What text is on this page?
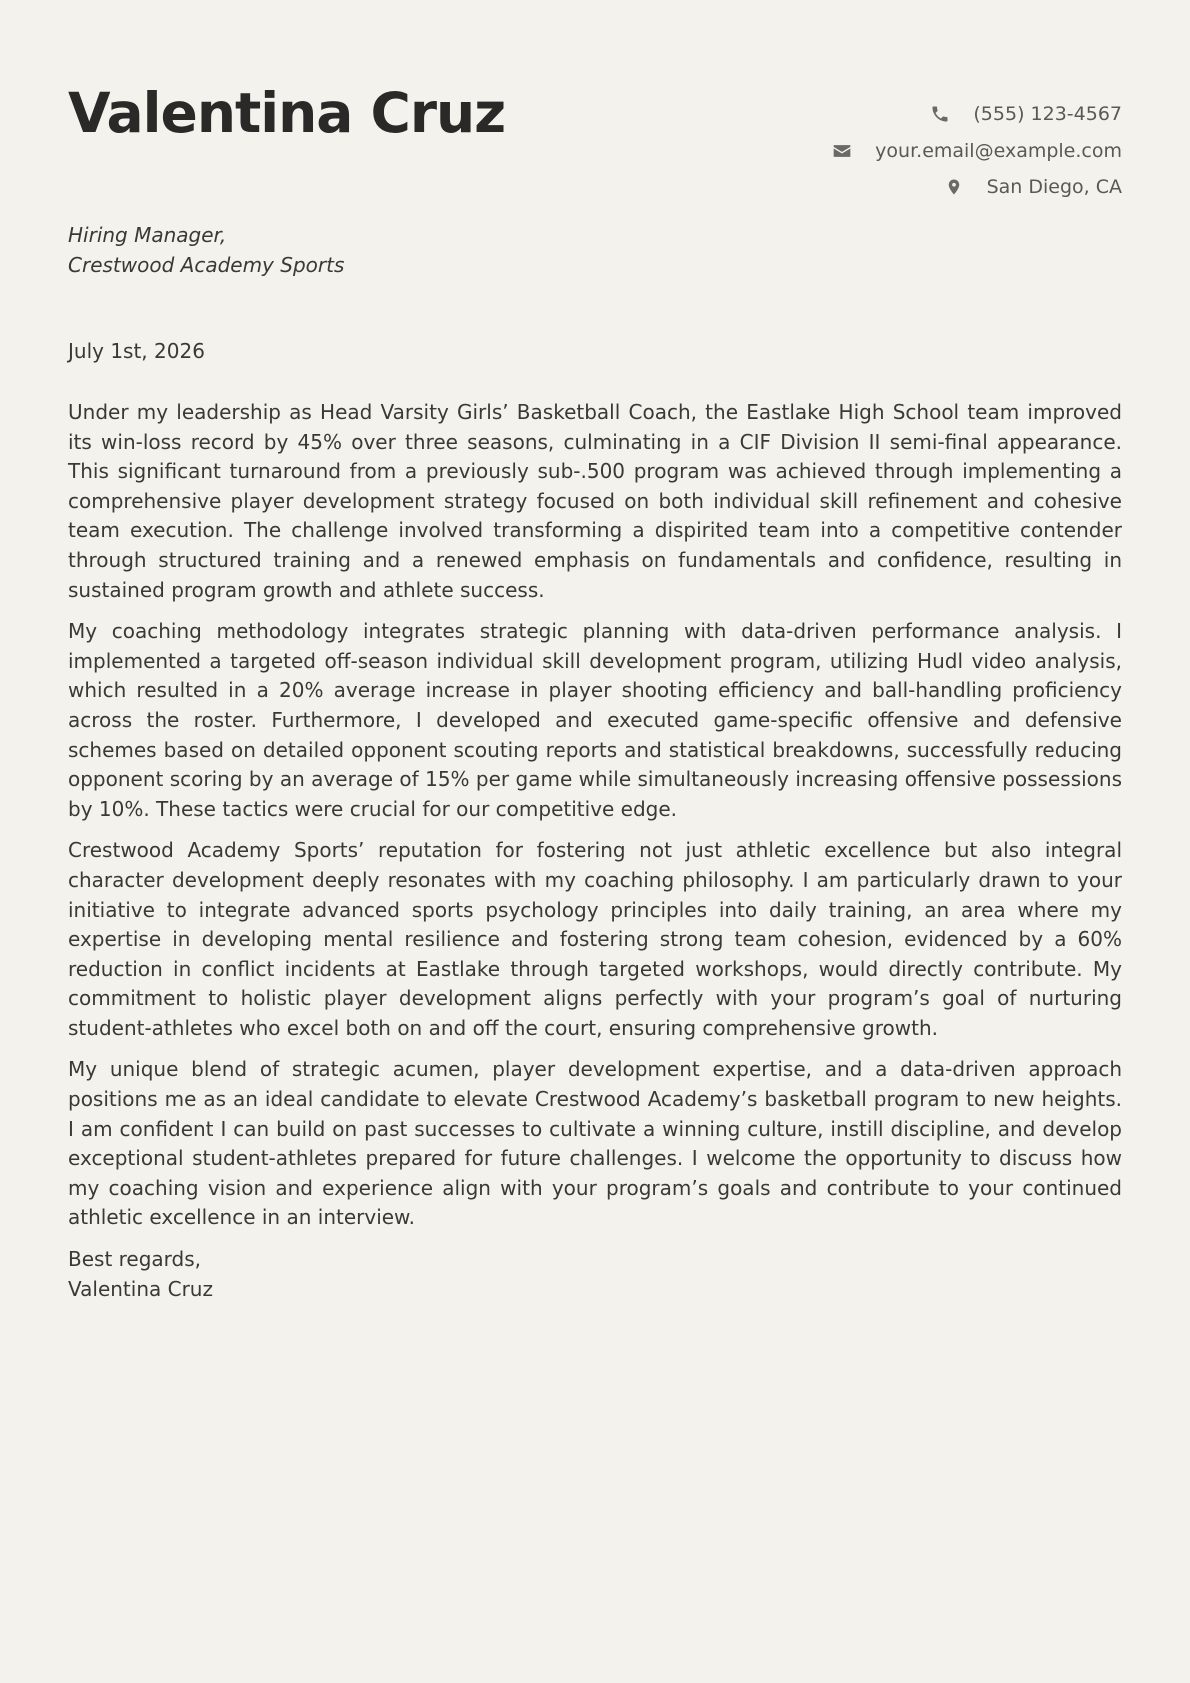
Valentina Cruz	(555) 123-4567
your.email@example.com
San Diego, CA
Hiring Manager,
Crestwood Academy Sports
July 1st, 2026

Under my leadership as Head Varsity Girls’ Basketball Coach, the Eastlake High School team improved its win-loss record by 45% over three seasons, culminating in a CIF Division II semi-final appearance. This significant turnaround from a previously sub-.500 program was achieved through implementing a comprehensive player development strategy focused on both individual skill refinement and cohesive team execution. The challenge involved transforming a dispirited team into a competitive contender through structured training and a renewed emphasis on fundamentals and confidence, resulting in sustained program growth and athlete success.

My coaching methodology integrates strategic planning with data-driven performance analysis. I implemented a targeted off-season individual skill development program, utilizing Hudl video analysis, which resulted in a 20% average increase in player shooting efficiency and ball-handling proficiency across the roster. Furthermore, I developed and executed game-specific offensive and defensive schemes based on detailed opponent scouting reports and statistical breakdowns, successfully reducing opponent scoring by an average of 15% per game while simultaneously increasing offensive possessions by 10%. These tactics were crucial for our competitive edge.

Crestwood Academy Sports’ reputation for fostering not just athletic excellence but also integral character development deeply resonates with my coaching philosophy. I am particularly drawn to your initiative to integrate advanced sports psychology principles into daily training, an area where my expertise in developing mental resilience and fostering strong team cohesion, evidenced by a 60% reduction in conflict incidents at Eastlake through targeted workshops, would directly contribute. My commitment to holistic player development aligns perfectly with your program’s goal of nurturing student-athletes who excel both on and off the court, ensuring comprehensive growth.

My unique blend of strategic acumen, player development expertise, and a data-driven approach positions me as an ideal candidate to elevate Crestwood Academy’s basketball program to new heights. I am confident I can build on past successes to cultivate a winning culture, instill discipline, and develop exceptional student-athletes prepared for future challenges. I welcome the opportunity to discuss how my coaching vision and experience align with your program’s goals and contribute to your continued athletic excellence in an interview.

Best regards,
Valentina Cruz
